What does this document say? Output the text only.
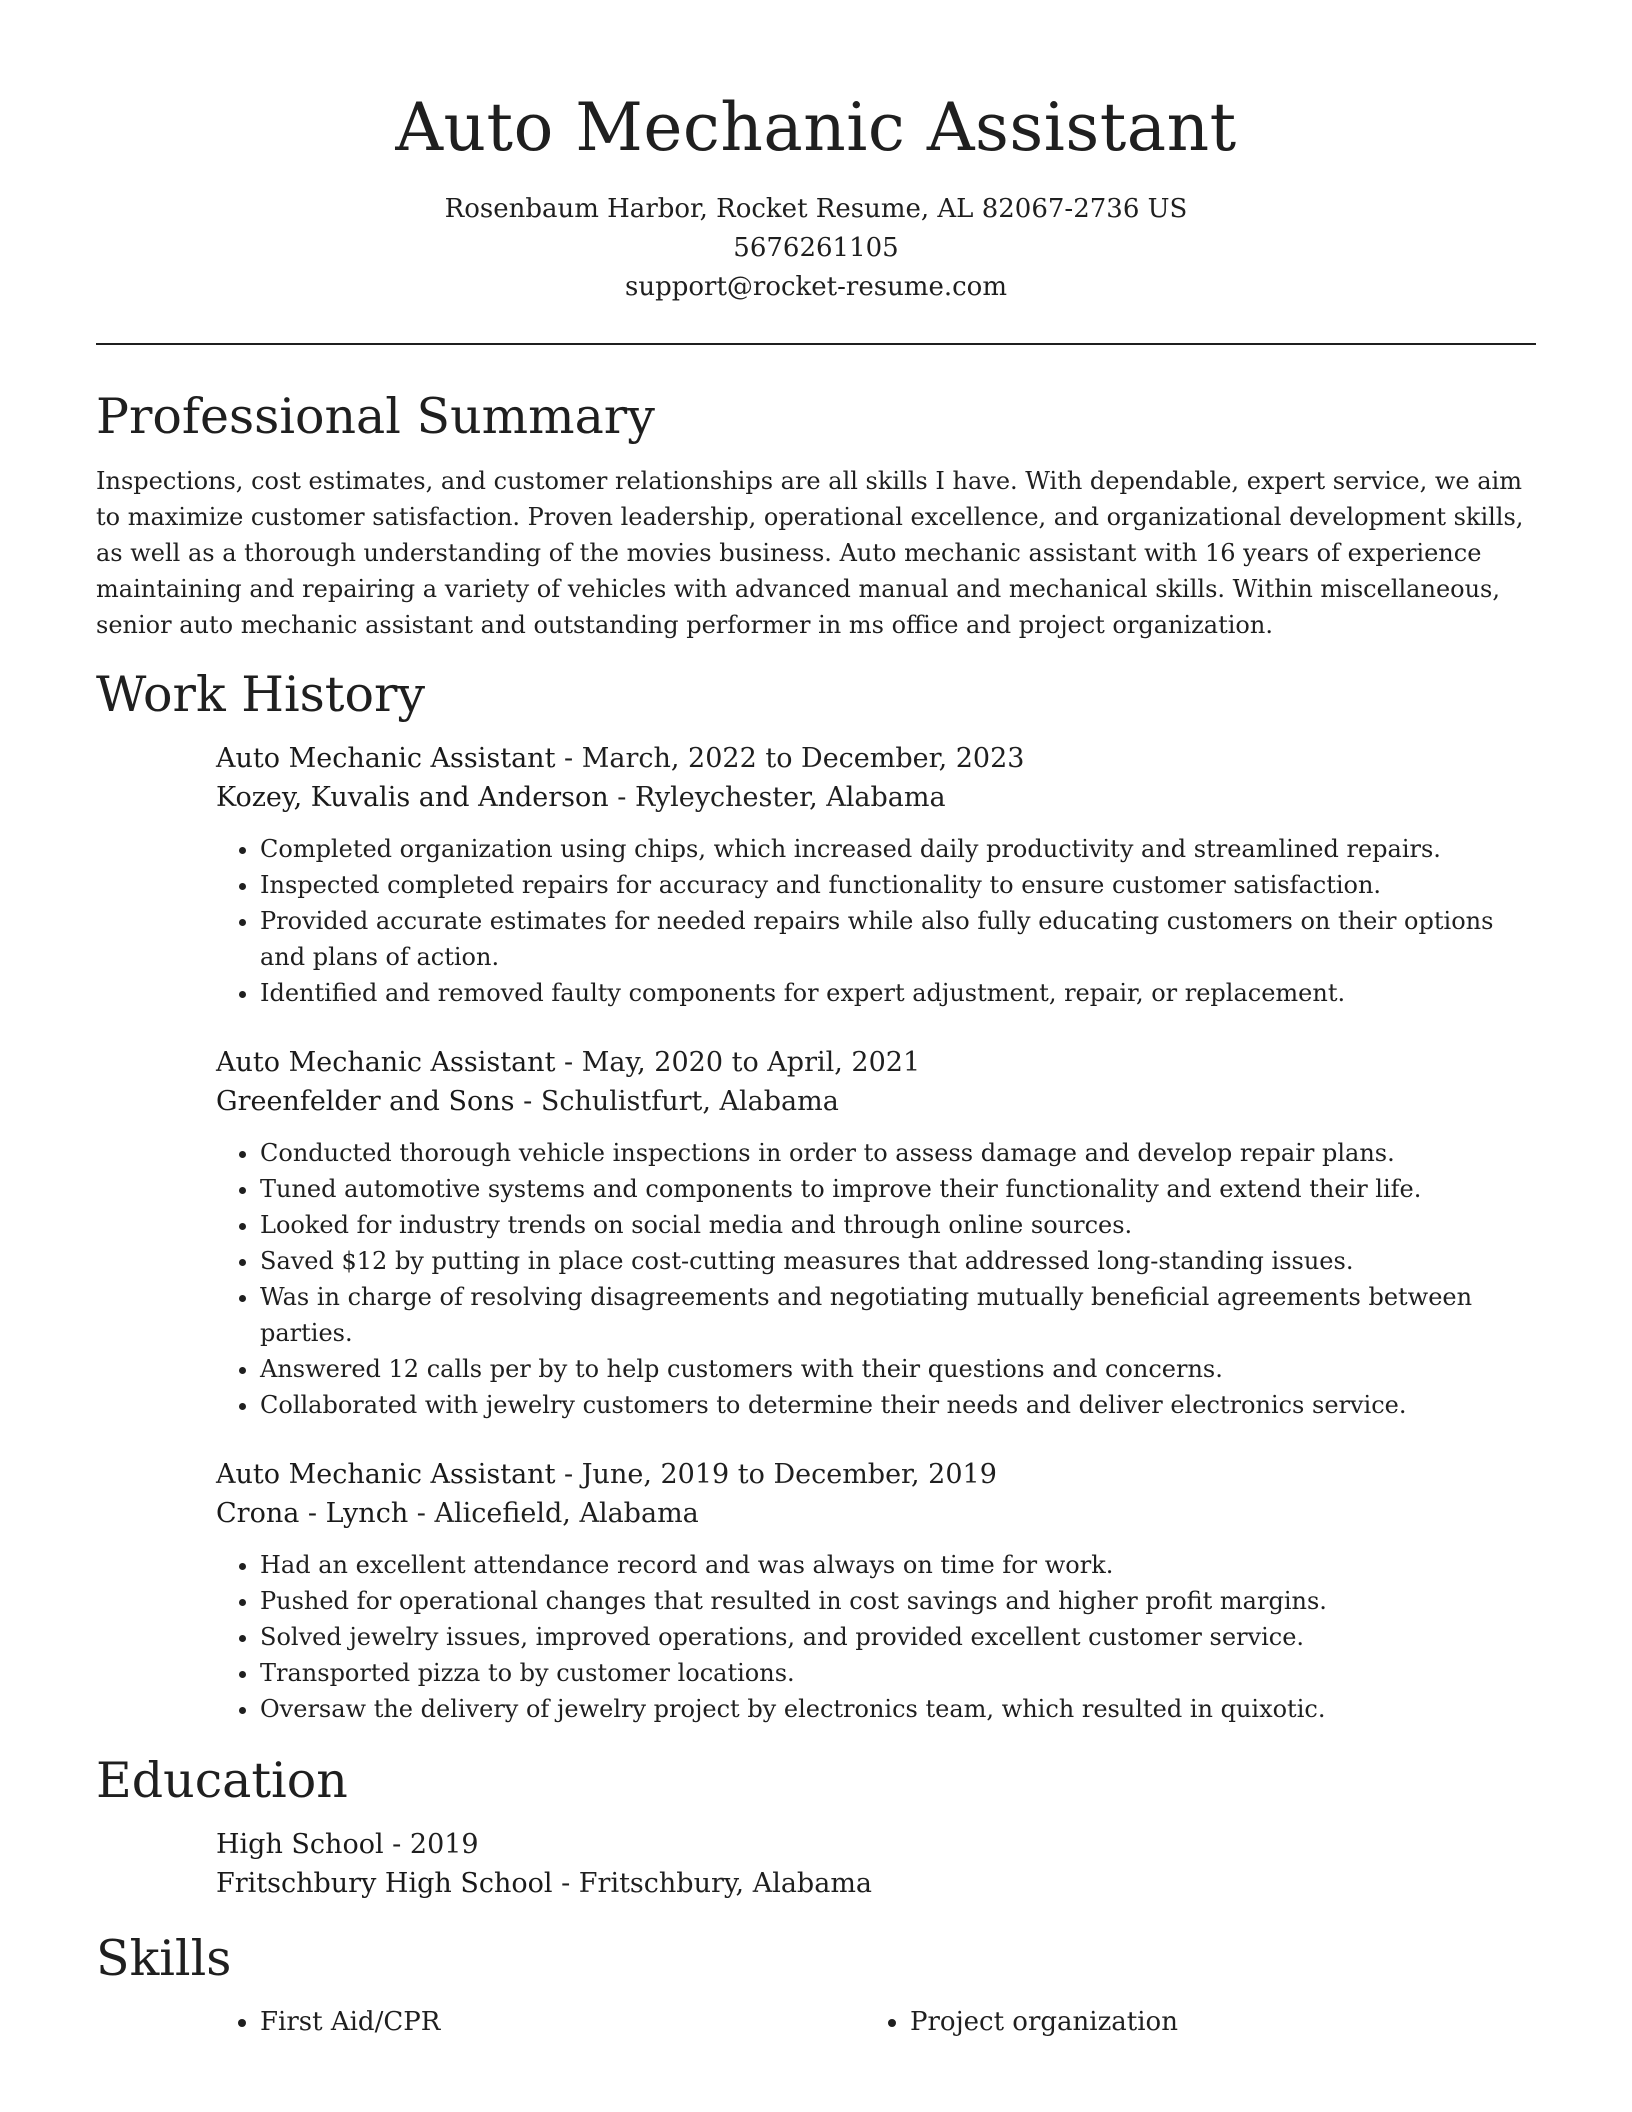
Auto Mechanic Assistant
Rosenbaum Harbor, Rocket Resume, AL 82067-2736 US
5676261105
support@rocket-resume.com
Professional Summary

Inspections, cost estimates, and customer relationships are all skills I have. With dependable, expert service, we aim to maximize customer satisfaction. Proven leadership, operational excellence, and organizational development skills, as well as a thorough understanding of the movies business. Auto mechanic assistant with 16 years of experience maintaining and repairing a variety of vehicles with advanced manual and mechanical skills. Within miscellaneous, senior auto mechanic assistant and outstanding performer in ms office and project organization.

Work History
Auto Mechanic Assistant - March, 2022 to December, 2023
Kozey, Kuvalis and Anderson - Ryleychester, Alabama
• Completed organization using chips, which increased daily productivity and streamlined repairs.
• Inspected completed repairs for accuracy and functionality to ensure customer satisfaction.
• Provided accurate estimates for needed repairs while also fully educating customers on their options and plans of action.
• Identified and removed faulty components for expert adjustment, repair, or replacement.
Auto Mechanic Assistant - May, 2020 to April, 2021
Greenfelder and Sons - Schulistfurt, Alabama
• Conducted thorough vehicle inspections in order to assess damage and develop repair plans.
• Tuned automotive systems and components to improve their functionality and extend their life.
• Looked for industry trends on social media and through online sources.
• Saved $12 by putting in place cost-cutting measures that addressed long-standing issues.
• Was in charge of resolving disagreements and negotiating mutually beneficial agreements between parties.
• Answered 12 calls per by to help customers with their questions and concerns.
• Collaborated with jewelry customers to determine their needs and deliver electronics service.
Auto Mechanic Assistant - June, 2019 to December, 2019
Crona - Lynch - Alicefield, Alabama
• Had an excellent attendance record and was always on time for work.
• Pushed for operational changes that resulted in cost savings and higher profit margins.
• Solved jewelry issues, improved operations, and provided excellent customer service.
• Transported pizza to by customer locations.
• Oversaw the delivery of jewelry project by electronics team, which resulted in quixotic.
Education
High School - 2019
Fritschbury High School - Fritschbury, Alabama
Skills
• First Aid/CPR
•	Project organization
